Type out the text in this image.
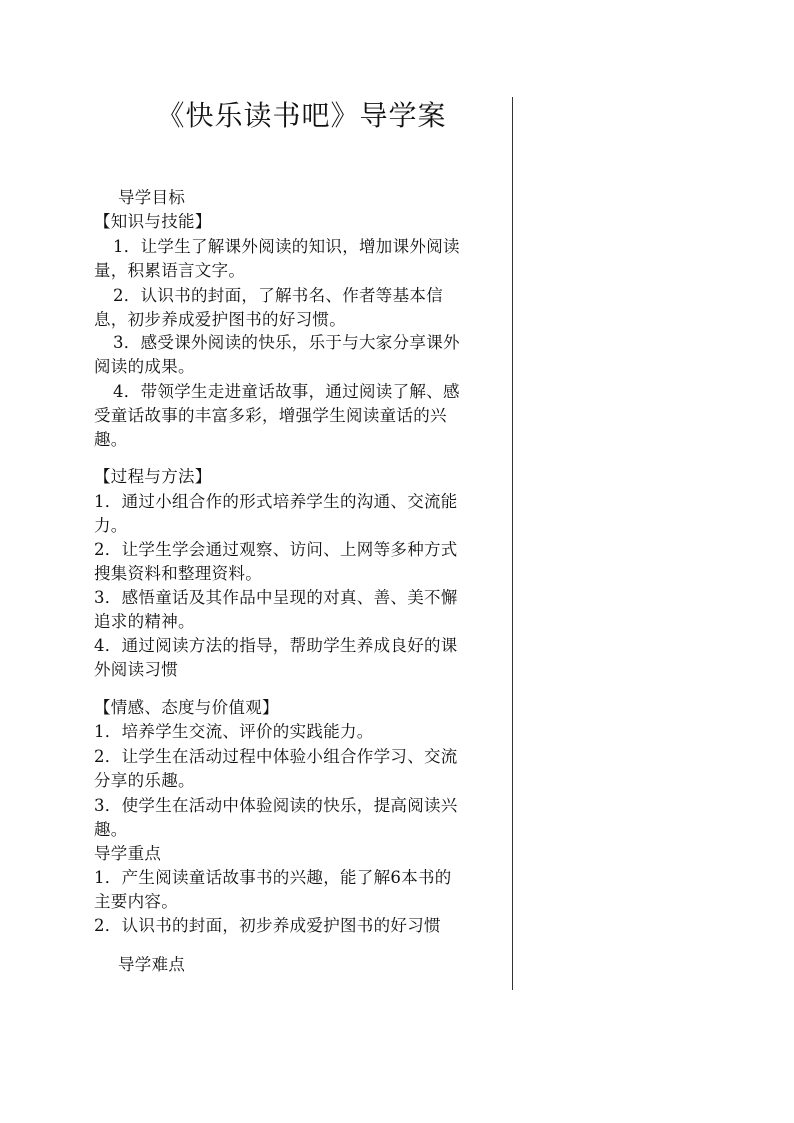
《快乐读书吧》导学案
导学目标
【知识与技能】
1．让学生了解课外阅读的知识，增加课外阅读
量，积累语言文字。
2．认识书的封面，了解书名、作者等基本信
息，初步养成爱护图书的好习惯。
3．感受课外阅读的快乐，乐于与大家分享课外
阅读的成果。
4．带领学生走进童话故事，通过阅读了解、感
受童话故事的丰富多彩，增强学生阅读童话的兴
趣。
【过程与方法】
1．通过小组合作的形式培养学生的沟通、交流能
力。
2．让学生学会通过观察、访问、上网等多种方式
搜集资料和整理资料。
3．感悟童话及其作品中呈现的对真、善、美不懈
追求的精神。
4．通过阅读方法的指导，帮助学生养成良好的课
外阅读习惯
【情感、态度与价值观】
1．培养学生交流、评价的实践能力。
2．让学生在活动过程中体验小组合作学习、交流
分享的乐趣。
3．使学生在活动中体验阅读的快乐，提高阅读兴
趣。
导学重点
1．产生阅读童话故事书的兴趣，能了解6本书的
主要内容。
2．认识书的封面，初步养成爱护图书的好习惯
导学难点
